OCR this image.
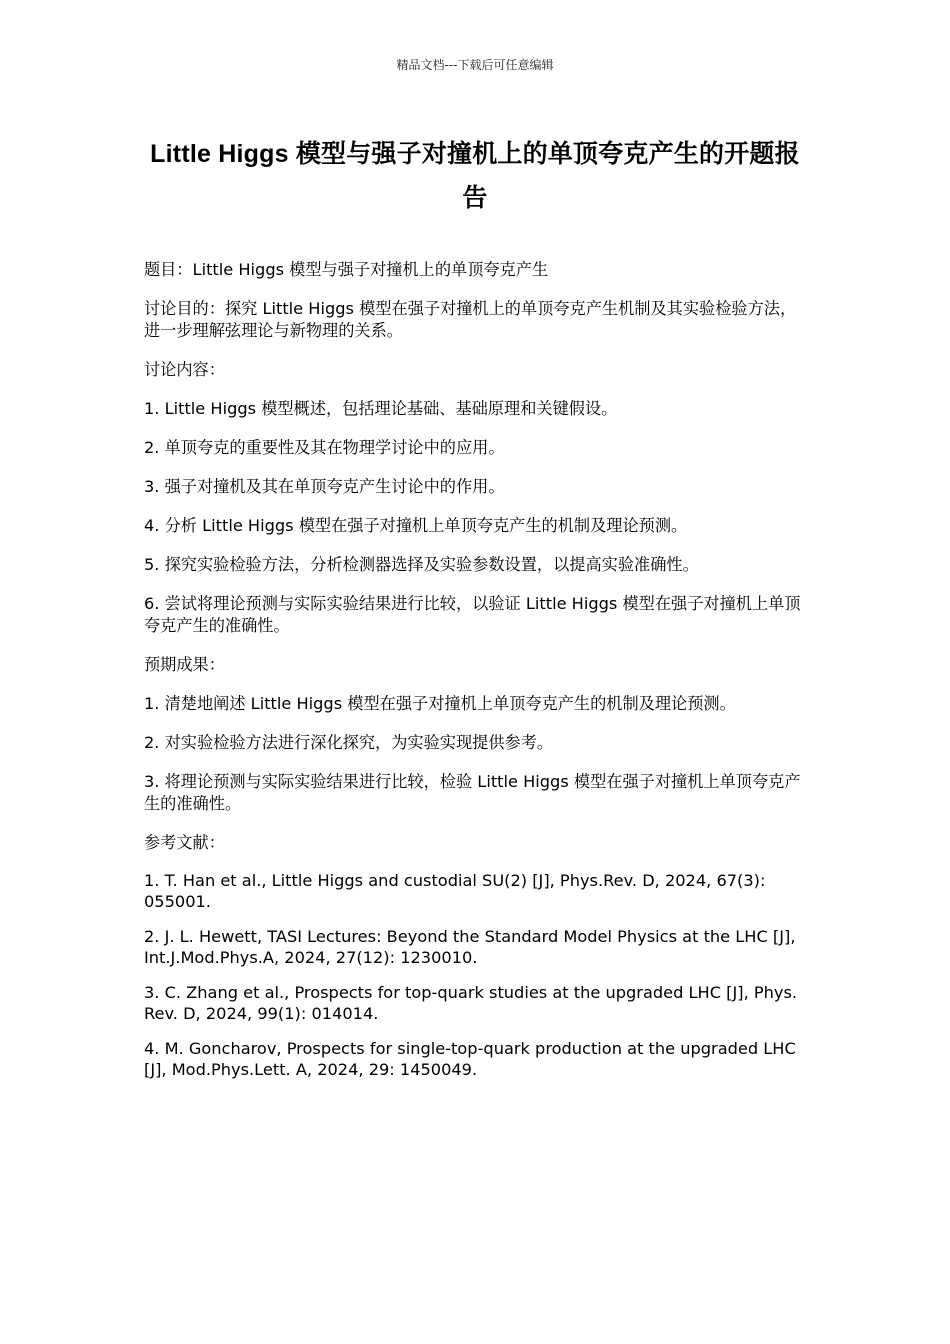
精品文档---下载后可任意编辑
Little Higgs 模型与强子对撞机上的单顶夸克产生的开题报告

题目：Little Higgs 模型与强子对撞机上的单顶夸克产生

讨论目的：探究 Little Higgs 模型在强子对撞机上的单顶夸克产生机制及其实验检验方法，进一步理解弦理论与新物理的关系。

讨论内容：

1. Little Higgs 模型概述，包括理论基础、基础原理和关键假设。

2. 单顶夸克的重要性及其在物理学讨论中的应用。

3. 强子对撞机及其在单顶夸克产生讨论中的作用。

4. 分析 Little Higgs 模型在强子对撞机上单顶夸克产生的机制及理论预测。

5. 探究实验检验方法，分析检测器选择及实验参数设置，以提高实验准确性。

6. 尝试将理论预测与实际实验结果进行比较，以验证 Little Higgs 模型在强子对撞机上单顶夸克产生的准确性。

预期成果：

1. 清楚地阐述 Little Higgs 模型在强子对撞机上单顶夸克产生的机制及理论预测。

2. 对实验检验方法进行深化探究，为实验实现提供参考。

3. 将理论预测与实际实验结果进行比较，检验 Little Higgs 模型在强子对撞机上单顶夸克产生的准确性。

参考文献：

1. T. Han et al., Little Higgs and custodial SU(2) [J], Phys.Rev. D, 2024, 67(3): 055001.

2. J. L. Hewett, TASI Lectures: Beyond the Standard Model Physics at the LHC [J], Int.J.Mod.Phys.A, 2024, 27(12): 1230010.

3. C. Zhang et al., Prospects for top-quark studies at the upgraded LHC [J], Phys. Rev. D, 2024, 99(1): 014014.

4. M. Goncharov, Prospects for single-top-quark production at the upgraded LHC [J], Mod.Phys.Lett. A, 2024, 29: 1450049.
